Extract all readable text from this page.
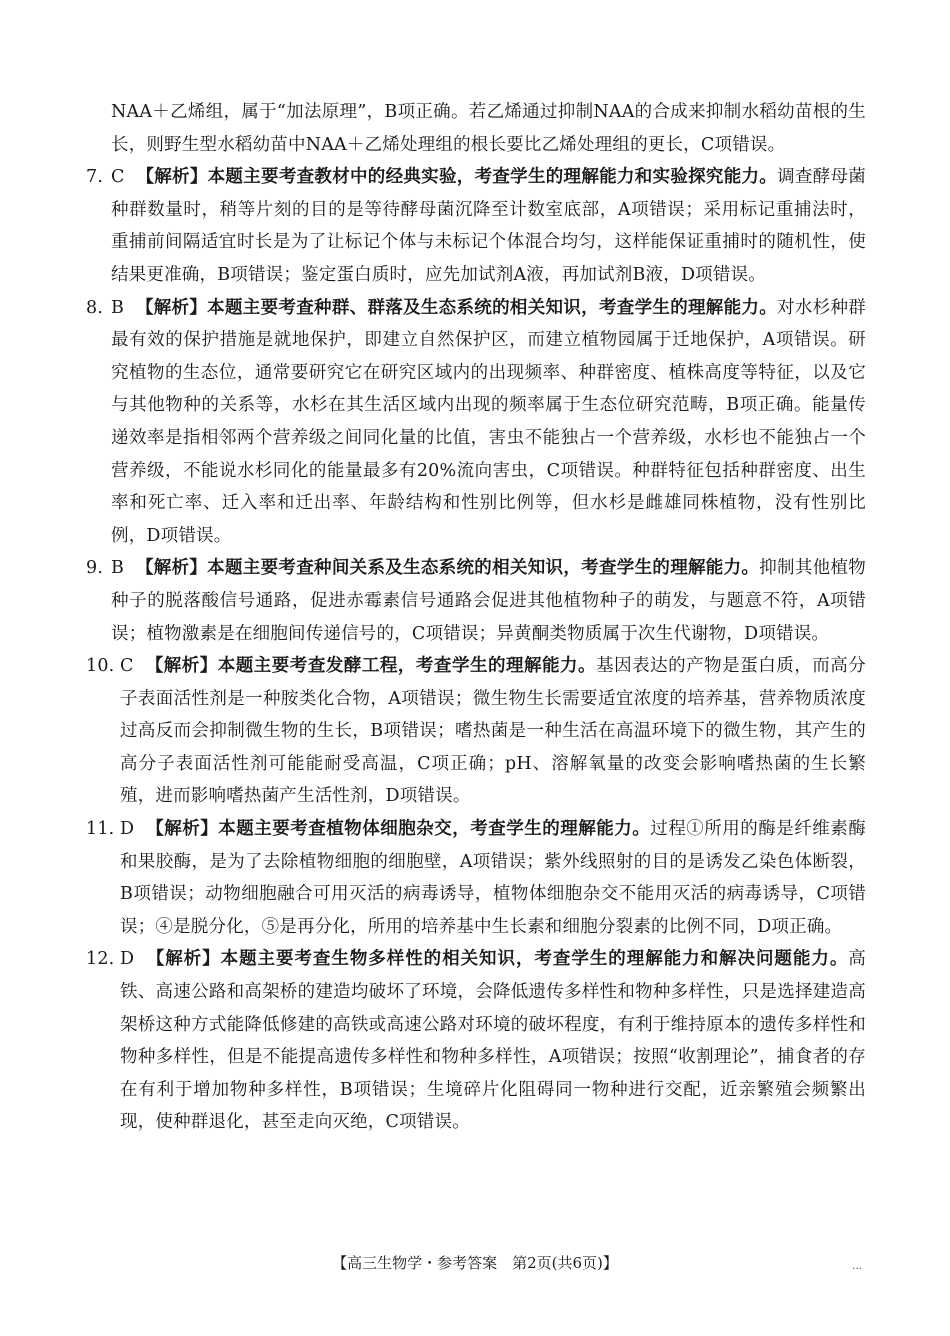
NAA＋乙烯组，属于“加法原理”，B项正确。若乙烯通过抑制NAA的合成来抑制水稻幼苗根的生长，则野生型水稻幼苗中NAA＋乙烯处理组的根长要比乙烯处理组的更长，C项错误。
7. C 【解析】本题主要考查教材中的经典实验，考查学生的理解能力和实验探究能力。调查酵母菌种群数量时，稍等片刻的目的是等待酵母菌沉降至计数室底部，A项错误；采用标记重捕法时，重捕前间隔适宜时长是为了让标记个体与未标记个体混合均匀，这样能保证重捕时的随机性，使结果更准确，B项错误；鉴定蛋白质时，应先加试剂A液，再加试剂B液，D项错误。
8. B 【解析】本题主要考查种群、群落及生态系统的相关知识，考查学生的理解能力。对水杉种群最有效的保护措施是就地保护，即建立自然保护区，而建立植物园属于迁地保护，A项错误。研究植物的生态位，通常要研究它在研究区域内的出现频率、种群密度、植株高度等特征，以及它与其他物种的关系等，水杉在其生活区域内出现的频率属于生态位研究范畴，B项正确。能量传递效率是指相邻两个营养级之间同化量的比值，害虫不能独占一个营养级，水杉也不能独占一个营养级，不能说水杉同化的能量最多有20%流向害虫，C项错误。种群特征包括种群密度、出生率和死亡率、迁入率和迁出率、年龄结构和性别比例等，但水杉是雌雄同株植物，没有性别比例，D项错误。
9. B 【解析】本题主要考查种间关系及生态系统的相关知识，考查学生的理解能力。抑制其他植物种子的脱落酸信号通路，促进赤霉素信号通路会促进其他植物种子的萌发，与题意不符，A项错误；植物激素是在细胞间传递信号的，C项错误；异黄酮类物质属于次生代谢物，D项错误。
10. C 【解析】本题主要考查发酵工程，考查学生的理解能力。基因表达的产物是蛋白质，而高分子表面活性剂是一种胺类化合物，A项错误；微生物生长需要适宜浓度的培养基，营养物质浓度过高反而会抑制微生物的生长，B项错误；嗜热菌是一种生活在高温环境下的微生物，其产生的高分子表面活性剂可能能耐受高温，C项正确；pH、溶解氧量的改变会影响嗜热菌的生长繁殖，进而影响嗜热菌产生活性剂，D项错误。
11. D 【解析】本题主要考查植物体细胞杂交，考查学生的理解能力。过程①所用的酶是纤维素酶和果胶酶，是为了去除植物细胞的细胞壁，A项错误；紫外线照射的目的是诱发乙染色体断裂，B项错误；动物细胞融合可用灭活的病毒诱导，植物体细胞杂交不能用灭活的病毒诱导，C项错误；④是脱分化，⑤是再分化，所用的培养基中生长素和细胞分裂素的比例不同，D项正确。
12. D 【解析】本题主要考查生物多样性的相关知识，考查学生的理解能力和解决问题能力。高铁、高速公路和高架桥的建造均破坏了环境，会降低遗传多样性和物种多样性，只是选择建造高架桥这种方式能降低修建的高铁或高速公路对环境的破坏程度，有利于维持原本的遗传多样性和物种多样性，但是不能提高遗传多样性和物种多样性，A项错误；按照“收割理论”，捕食者的存在有利于增加物种多样性，B项错误；生境碎片化阻碍同一物种进行交配，近亲繁殖会频繁出现，使种群退化，甚至走向灭绝，C项错误。
【高三生物学・参考答案　第2页(共6页)】	…
